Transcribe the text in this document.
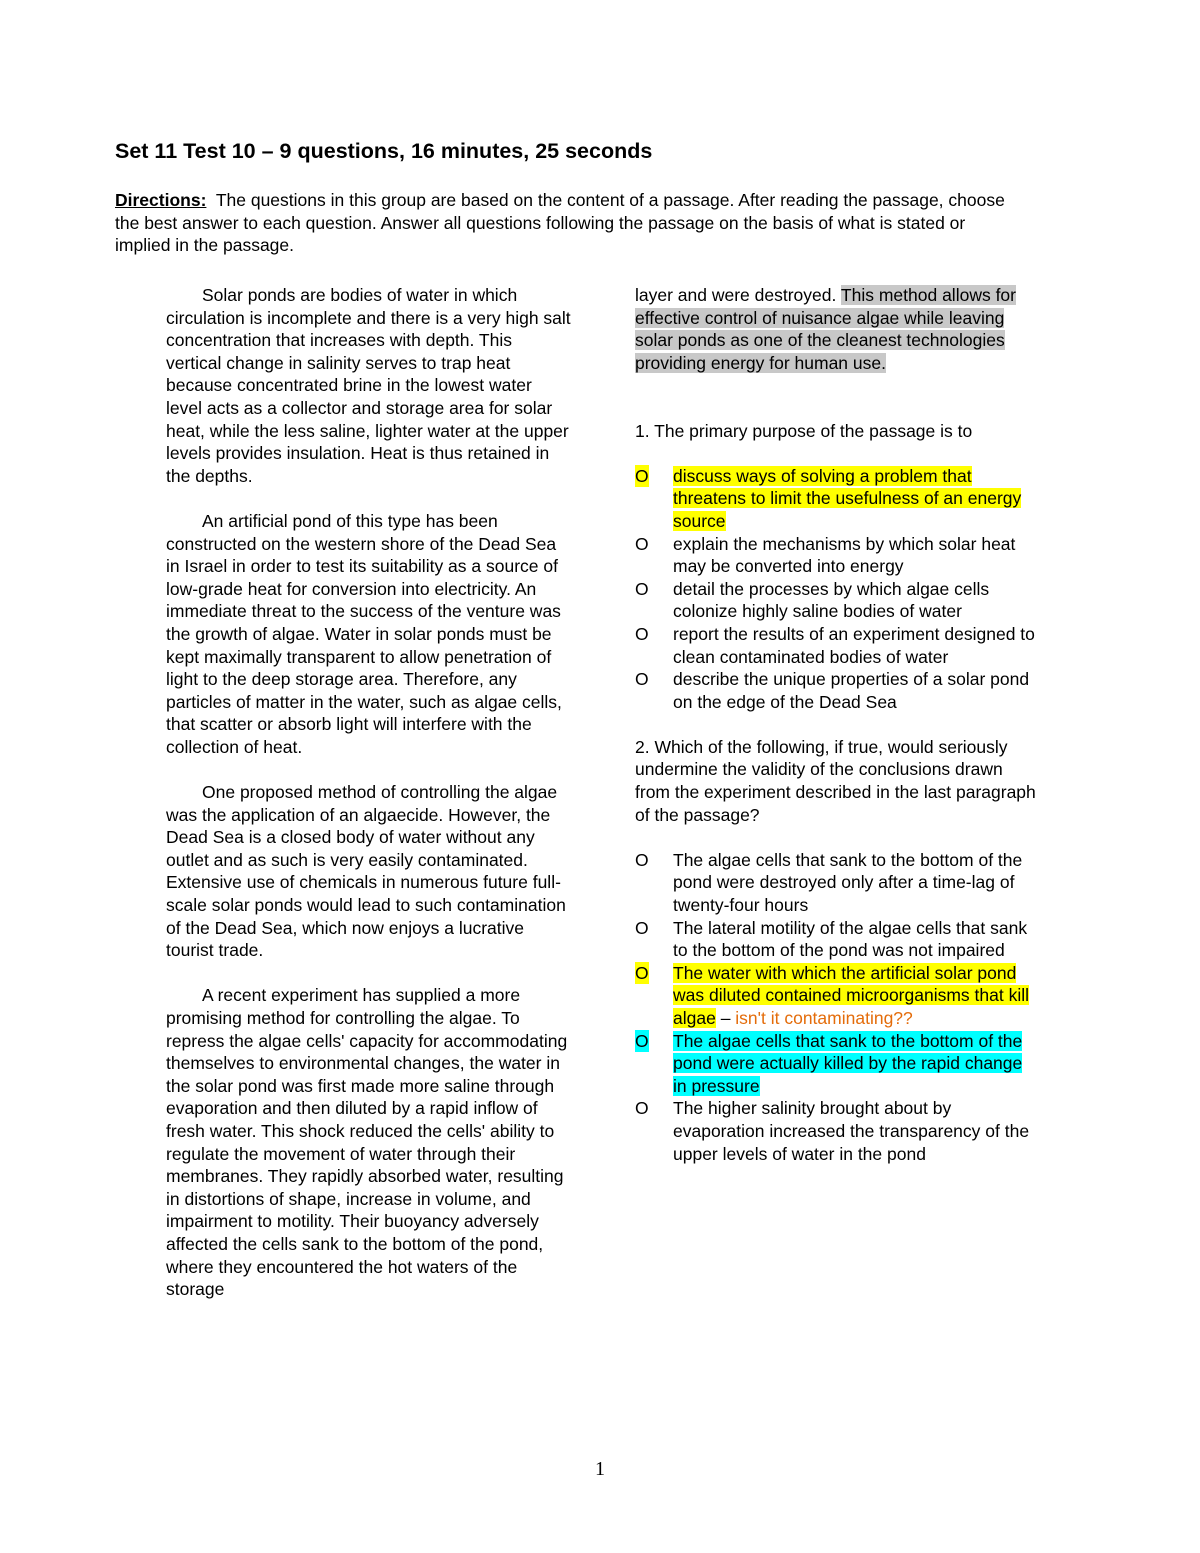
Set 11 Test 10 – 9 questions, 16 minutes, 25 seconds

Directions: The questions in this group are based on the content of a passage. After reading the passage, choose the best answer to each question. Answer all questions following the passage on the basis of what is stated or implied in the passage.

Solar ponds are bodies of water in which circulation is incomplete and there is a very high salt concentration that increases with depth. This vertical change in salinity serves to trap heat because concentrated brine in the lowest water level acts as a collector and storage area for solar heat, while the less saline, lighter water at the upper levels provides insulation. Heat is thus retained in the depths.

An artificial pond of this type has been constructed on the western shore of the Dead Sea in Israel in order to test its suitability as a source of low-grade heat for conversion into electricity. An immediate threat to the success of the venture was the growth of algae. Water in solar ponds must be kept maximally transparent to allow penetration of light to the deep storage area. Therefore, any particles of matter in the water, such as algae cells, that scatter or absorb light will interfere with the collection of heat.

One proposed method of controlling the algae was the application of an algaecide. However, the Dead Sea is a closed body of water without any outlet and as such is very easily contaminated. Extensive use of chemicals in numerous future full-scale solar ponds would lead to such contamination of the Dead Sea, which now enjoys a lucrative tourist trade.

A recent experiment has supplied a more promising method for controlling the algae. To repress the algae cells' capacity for accommodating themselves to environmental changes, the water in the solar pond was first made more saline through evaporation and then diluted by a rapid inflow of fresh water. This shock reduced the cells' ability to regulate the movement of water through their membranes. They rapidly absorbed water, resulting in distortions of shape, increase in volume, and impairment to motility. Their buoyancy adversely affected the cells sank to the bottom of the pond, where they encountered the hot waters of the storage

layer and were destroyed. This method allows for effective control of nuisance algae while leaving solar ponds as one of the cleanest technologies providing energy for human use.

1. The primary purpose of the passage is to

O discuss ways of solving a problem that threatens to limit the usefulness of an energy source
O explain the mechanisms by which solar heat may be converted into energy
O detail the processes by which algae cells colonize highly saline bodies of water
O report the results of an experiment designed to clean contaminated bodies of water
O describe the unique properties of a solar pond on the edge of the Dead Sea

2. Which of the following, if true, would seriously undermine the validity of the conclusions drawn from the experiment described in the last paragraph of the passage?

O The algae cells that sank to the bottom of the pond were destroyed only after a time-lag of twenty-four hours
O The lateral motility of the algae cells that sank to the bottom of the pond was not impaired
O The water with which the artificial solar pond was diluted contained microorganisms that kill algae – isn't it contaminating??
O The algae cells that sank to the bottom of the pond were actually killed by the rapid change in pressure
O The higher salinity brought about by evaporation increased the transparency of the upper levels of water in the pond

1
